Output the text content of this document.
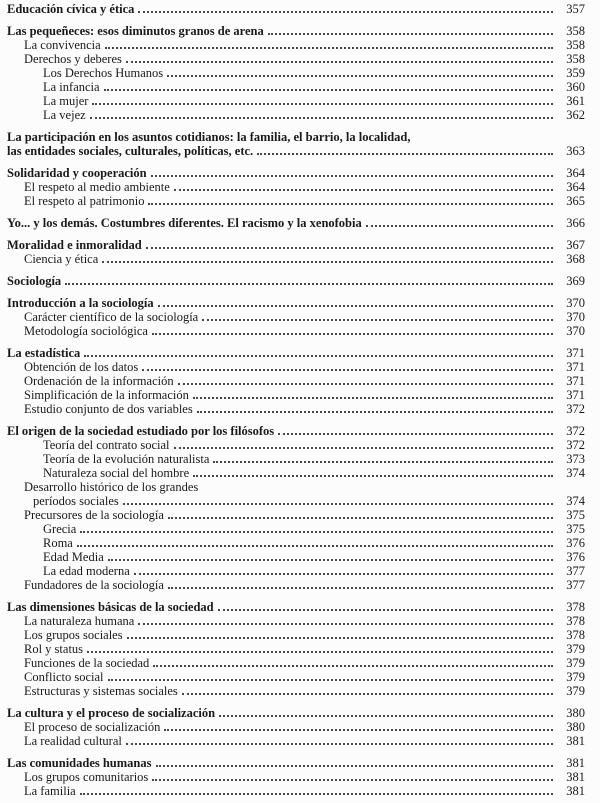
Educación cívica y ética	357
Las pequeñeces: esos diminutos granos de arena	358
La convivencia	358
Derechos y deberes	358
Los Derechos Humanos	359
La infancia	360
La mujer	361
La vejez	362
La participación en los asuntos cotidianos: la familia, el barrio, la localidad,
las entidades sociales, culturales, políticas, etc.	363
Solidaridad y cooperación	364
El respeto al medio ambiente	364
El respeto al patrimonio	365
Yo... y los demás. Costumbres diferentes. El racismo y la xenofobia	366
Moralidad e inmoralidad	367
Ciencia y ética	368
Sociología	369
Introducción a la sociología	370
Carácter científico de la sociología	370
Metodología sociológica	370
La estadística	371
Obtención de los datos	371
Ordenación de la información	371
Simplificación de la información	371
Estudio conjunto de dos variables	372
El origen de la sociedad estudiado por los filósofos	372
Teoría del contrato social	372
Teoría de la evolución naturalista	373
Naturaleza social del hombre	374
Desarrollo histórico de los grandes
períodos sociales	374
Precursores de la sociología	375
Grecia	375
Roma	376
Edad Media	376
La edad moderna	377
Fundadores de la sociología	377
Las dimensiones básicas de la sociedad	378
La naturaleza humana	378
Los grupos sociales	378
Rol y status	379
Funciones de la sociedad	379
Conflicto social	379
Estructuras y sistemas sociales	379
La cultura y el proceso de socialización	380
El proceso de socialización	380
La realidad cultural	381
Las comunidades humanas	381
Los grupos comunitarios	381
La familia	381
